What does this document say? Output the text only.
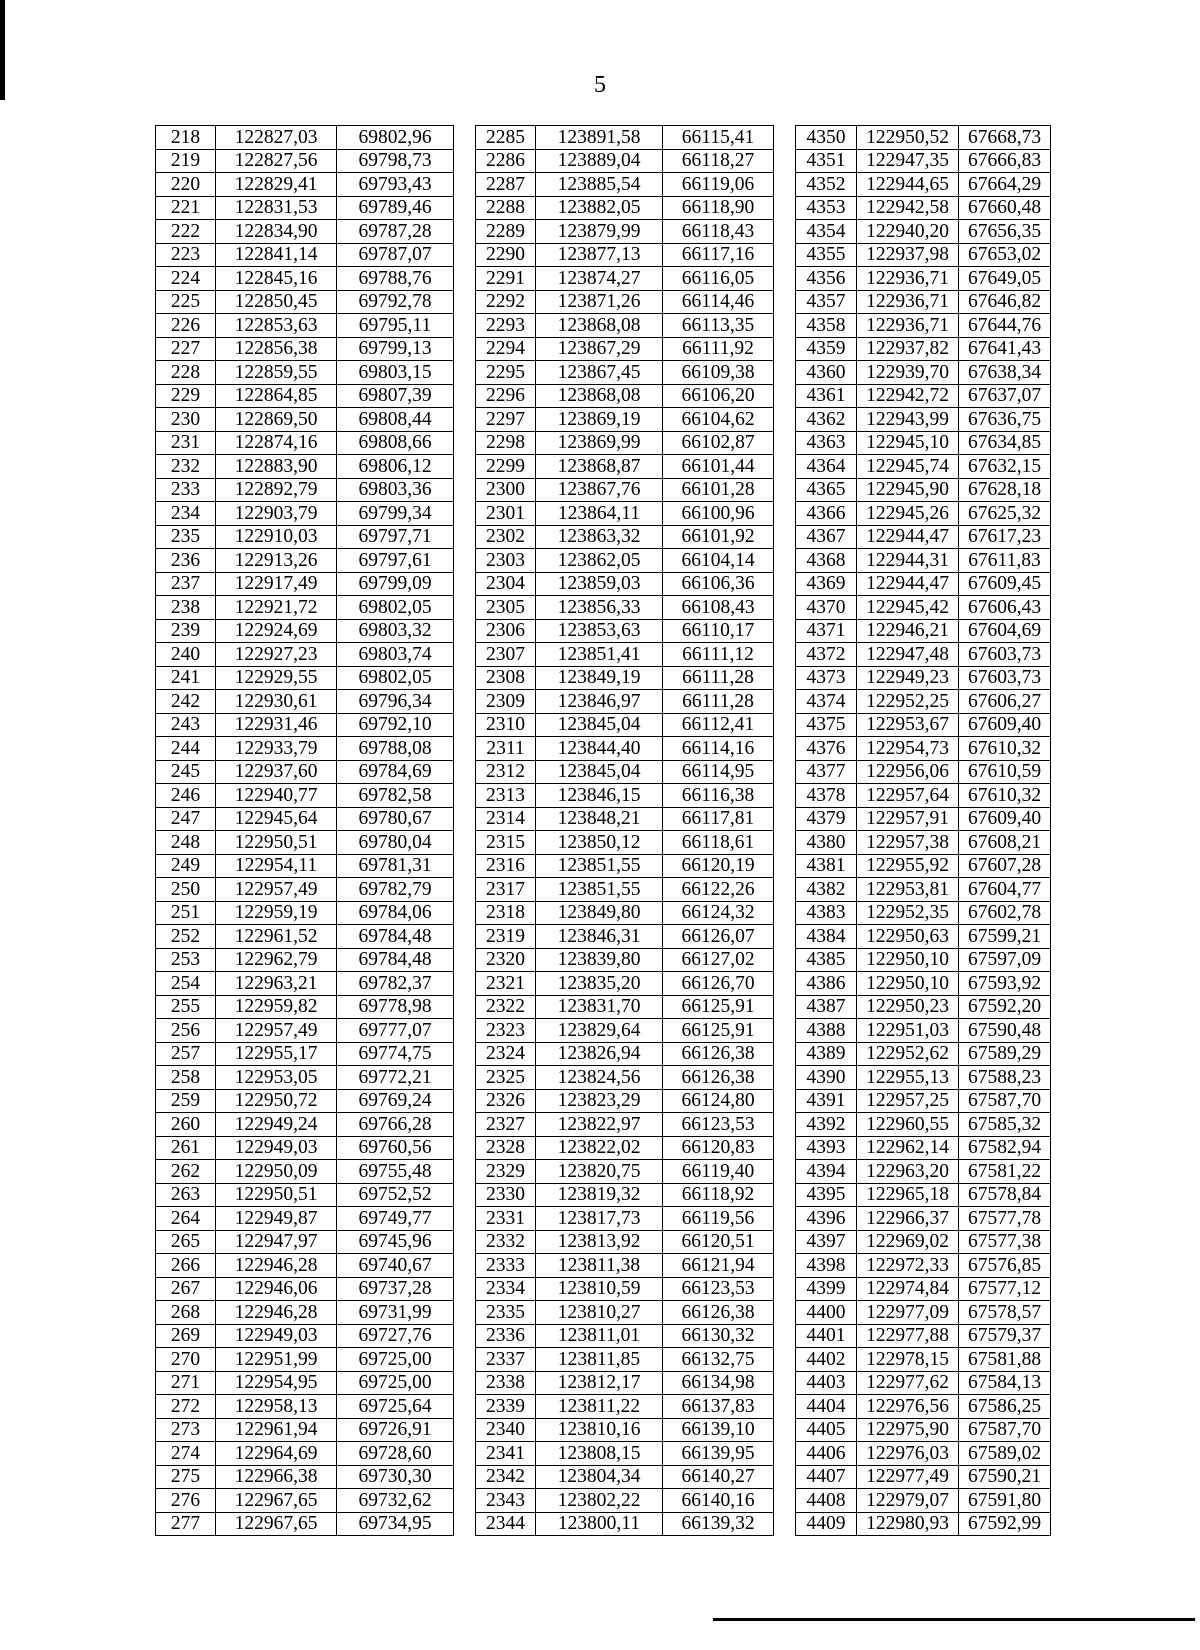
5
218	122827,03	69802,96		2285	123891,58	66115,41		4350	122950,52	67668,73
219	122827,56	69798,73		2286	123889,04	66118,27		4351	122947,35	67666,83
220	122829,41	69793,43		2287	123885,54	66119,06		4352	122944,65	67664,29
221	122831,53	69789,46		2288	123882,05	66118,90		4353	122942,58	67660,48
222	122834,90	69787,28		2289	123879,99	66118,43		4354	122940,20	67656,35
223	122841,14	69787,07		2290	123877,13	66117,16		4355	122937,98	67653,02
224	122845,16	69788,76		2291	123874,27	66116,05		4356	122936,71	67649,05
225	122850,45	69792,78		2292	123871,26	66114,46		4357	122936,71	67646,82
226	122853,63	69795,11		2293	123868,08	66113,35		4358	122936,71	67644,76
227	122856,38	69799,13		2294	123867,29	66111,92		4359	122937,82	67641,43
228	122859,55	69803,15		2295	123867,45	66109,38		4360	122939,70	67638,34
229	122864,85	69807,39		2296	123868,08	66106,20		4361	122942,72	67637,07
230	122869,50	69808,44		2297	123869,19	66104,62		4362	122943,99	67636,75
231	122874,16	69808,66		2298	123869,99	66102,87		4363	122945,10	67634,85
232	122883,90	69806,12		2299	123868,87	66101,44		4364	122945,74	67632,15
233	122892,79	69803,36		2300	123867,76	66101,28		4365	122945,90	67628,18
234	122903,79	69799,34		2301	123864,11	66100,96		4366	122945,26	67625,32
235	122910,03	69797,71		2302	123863,32	66101,92		4367	122944,47	67617,23
236	122913,26	69797,61		2303	123862,05	66104,14		4368	122944,31	67611,83
237	122917,49	69799,09		2304	123859,03	66106,36		4369	122944,47	67609,45
238	122921,72	69802,05		2305	123856,33	66108,43		4370	122945,42	67606,43
239	122924,69	69803,32		2306	123853,63	66110,17		4371	122946,21	67604,69
240	122927,23	69803,74		2307	123851,41	66111,12		4372	122947,48	67603,73
241	122929,55	69802,05		2308	123849,19	66111,28		4373	122949,23	67603,73
242	122930,61	69796,34		2309	123846,97	66111,28		4374	122952,25	67606,27
243	122931,46	69792,10		2310	123845,04	66112,41		4375	122953,67	67609,40
244	122933,79	69788,08		2311	123844,40	66114,16		4376	122954,73	67610,32
245	122937,60	69784,69		2312	123845,04	66114,95		4377	122956,06	67610,59
246	122940,77	69782,58		2313	123846,15	66116,38		4378	122957,64	67610,32
247	122945,64	69780,67		2314	123848,21	66117,81		4379	122957,91	67609,40
248	122950,51	69780,04		2315	123850,12	66118,61		4380	122957,38	67608,21
249	122954,11	69781,31		2316	123851,55	66120,19		4381	122955,92	67607,28
250	122957,49	69782,79		2317	123851,55	66122,26		4382	122953,81	67604,77
251	122959,19	69784,06		2318	123849,80	66124,32		4383	122952,35	67602,78
252	122961,52	69784,48		2319	123846,31	66126,07		4384	122950,63	67599,21
253	122962,79	69784,48		2320	123839,80	66127,02		4385	122950,10	67597,09
254	122963,21	69782,37		2321	123835,20	66126,70		4386	122950,10	67593,92
255	122959,82	69778,98		2322	123831,70	66125,91		4387	122950,23	67592,20
256	122957,49	69777,07		2323	123829,64	66125,91		4388	122951,03	67590,48
257	122955,17	69774,75		2324	123826,94	66126,38		4389	122952,62	67589,29
258	122953,05	69772,21		2325	123824,56	66126,38		4390	122955,13	67588,23
259	122950,72	69769,24		2326	123823,29	66124,80		4391	122957,25	67587,70
260	122949,24	69766,28		2327	123822,97	66123,53		4392	122960,55	67585,32
261	122949,03	69760,56		2328	123822,02	66120,83		4393	122962,14	67582,94
262	122950,09	69755,48		2329	123820,75	66119,40		4394	122963,20	67581,22
263	122950,51	69752,52		2330	123819,32	66118,92		4395	122965,18	67578,84
264	122949,87	69749,77		2331	123817,73	66119,56		4396	122966,37	67577,78
265	122947,97	69745,96		2332	123813,92	66120,51		4397	122969,02	67577,38
266	122946,28	69740,67		2333	123811,38	66121,94		4398	122972,33	67576,85
267	122946,06	69737,28		2334	123810,59	66123,53		4399	122974,84	67577,12
268	122946,28	69731,99		2335	123810,27	66126,38		4400	122977,09	67578,57
269	122949,03	69727,76		2336	123811,01	66130,32		4401	122977,88	67579,37
270	122951,99	69725,00		2337	123811,85	66132,75		4402	122978,15	67581,88
271	122954,95	69725,00		2338	123812,17	66134,98		4403	122977,62	67584,13
272	122958,13	69725,64		2339	123811,22	66137,83		4404	122976,56	67586,25
273	122961,94	69726,91		2340	123810,16	66139,10		4405	122975,90	67587,70
274	122964,69	69728,60		2341	123808,15	66139,95		4406	122976,03	67589,02
275	122966,38	69730,30		2342	123804,34	66140,27		4407	122977,49	67590,21
276	122967,65	69732,62		2343	123802,22	66140,16		4408	122979,07	67591,80
277	122967,65	69734,95		2344	123800,11	66139,32		4409	122980,93	67592,99
